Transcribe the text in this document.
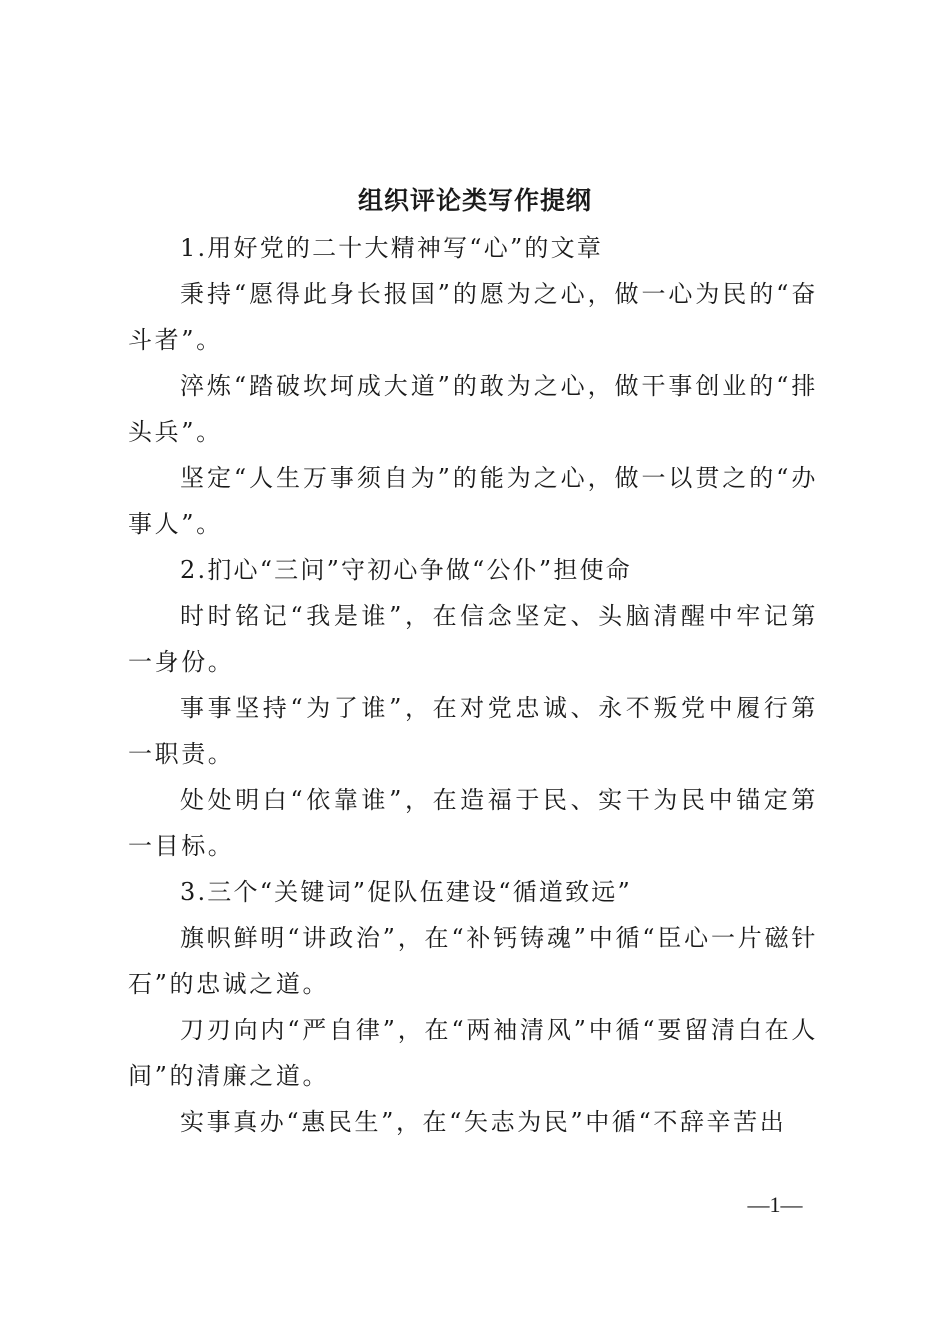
组织评论类写作提纲

1.用好党的二十大精神写“心”的文章

秉持“愿得此身长报国”的愿为之心，做一心为民的“奋斗者”。

淬炼“踏破坎坷成大道”的敢为之心，做干事创业的“排头兵”。

坚定“人生万事须自为”的能为之心，做一以贯之的“办事人”。

2.扪心“三问”守初心争做“公仆”担使命

时时铭记“我是谁”，在信念坚定、头脑清醒中牢记第一身份。

事事坚持“为了谁”，在对党忠诚、永不叛党中履行第一职责。

处处明白“依靠谁”，在造福于民、实干为民中锚定第一目标。

3.三个“关键词”促队伍建设“循道致远”

旗帜鲜明“讲政治”，在“补钙铸魂”中循“臣心一片磁针石”的忠诚之道。

刀刃向内“严自律”，在“两袖清风”中循“要留清白在人间”的清廉之道。

实事真办“惠民生”，在“矢志为民”中循“不辞辛苦出

—1—
